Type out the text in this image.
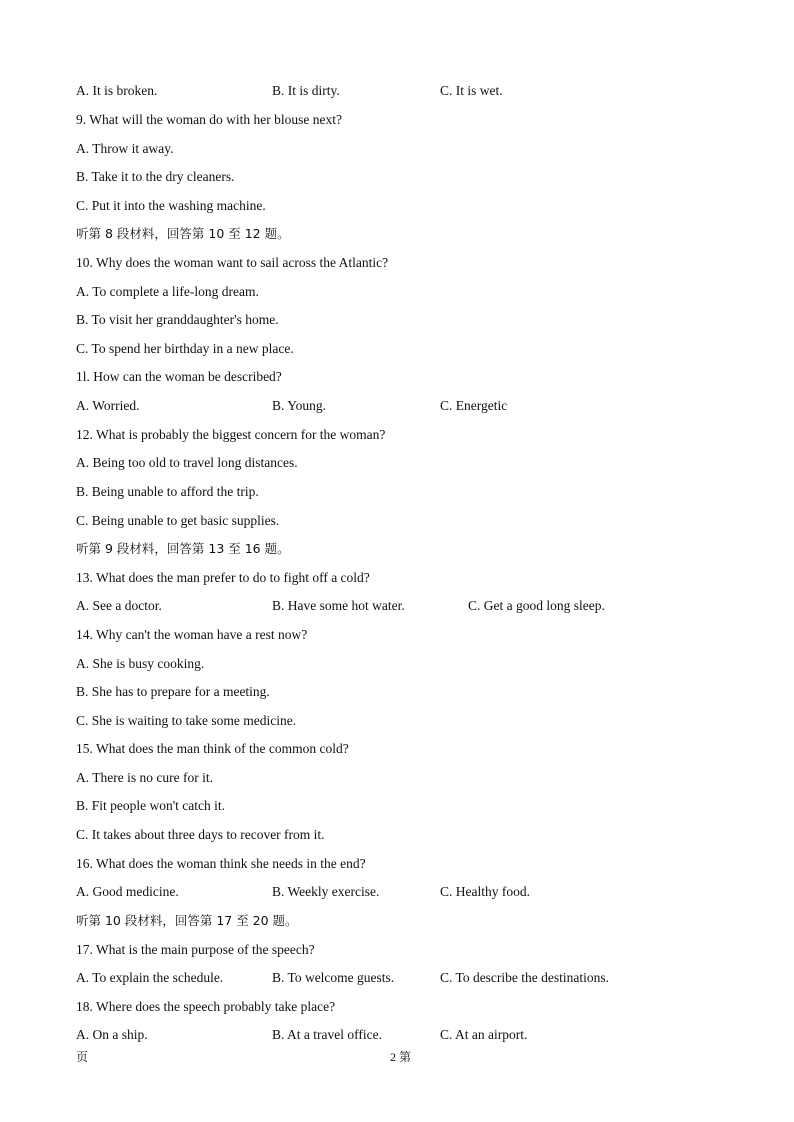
A. It is broken.	B. It is dirty.	C. It is wet.
9. What will the woman do with her blouse next?
A. Throw it away.
B. Take it to the dry cleaners.
C. Put it into the washing machine.
听第 8 段材料，回答第 10 至 12 题。
10. Why does the woman want to sail across the Atlantic?
A. To complete a life-long dream.
B. To visit her granddaughter's home.
C. To spend her birthday in a new place.
1l. How can the woman be described?
A. Worried.	B. Young.	C. Energetic
12. What is probably the biggest concern for the woman?
A. Being too old to travel long distances.
B. Being unable to afford the trip.
C. Being unable to get basic supplies.
听第 9 段材料，回答第 13 至 16 题。
13. What does the man prefer to do to fight off a cold?
A. See a doctor.	B. Have some hot water.	C. Get a good long sleep.
14. Why can't the woman have a rest now?
A. She is busy cooking.
B. She has to prepare for a meeting.
C. She is waiting to take some medicine.
15. What does the man think of the common cold?
A. There is no cure for it.
B. Fit people won't catch it.
C. It takes about three days to recover from it.
16. What does the woman think she needs in the end?
A. Good medicine.	B. Weekly exercise.	C. Healthy food.
听第 10 段材料，回答第 17 至 20 题。
17. What is the main purpose of the speech?
A. To explain the schedule.	B. To welcome guests.	C. To describe the destinations.
18. Where does the speech probably take place?
A. On a ship.	B. At a travel office.	C. At an airport.
页	2 第
